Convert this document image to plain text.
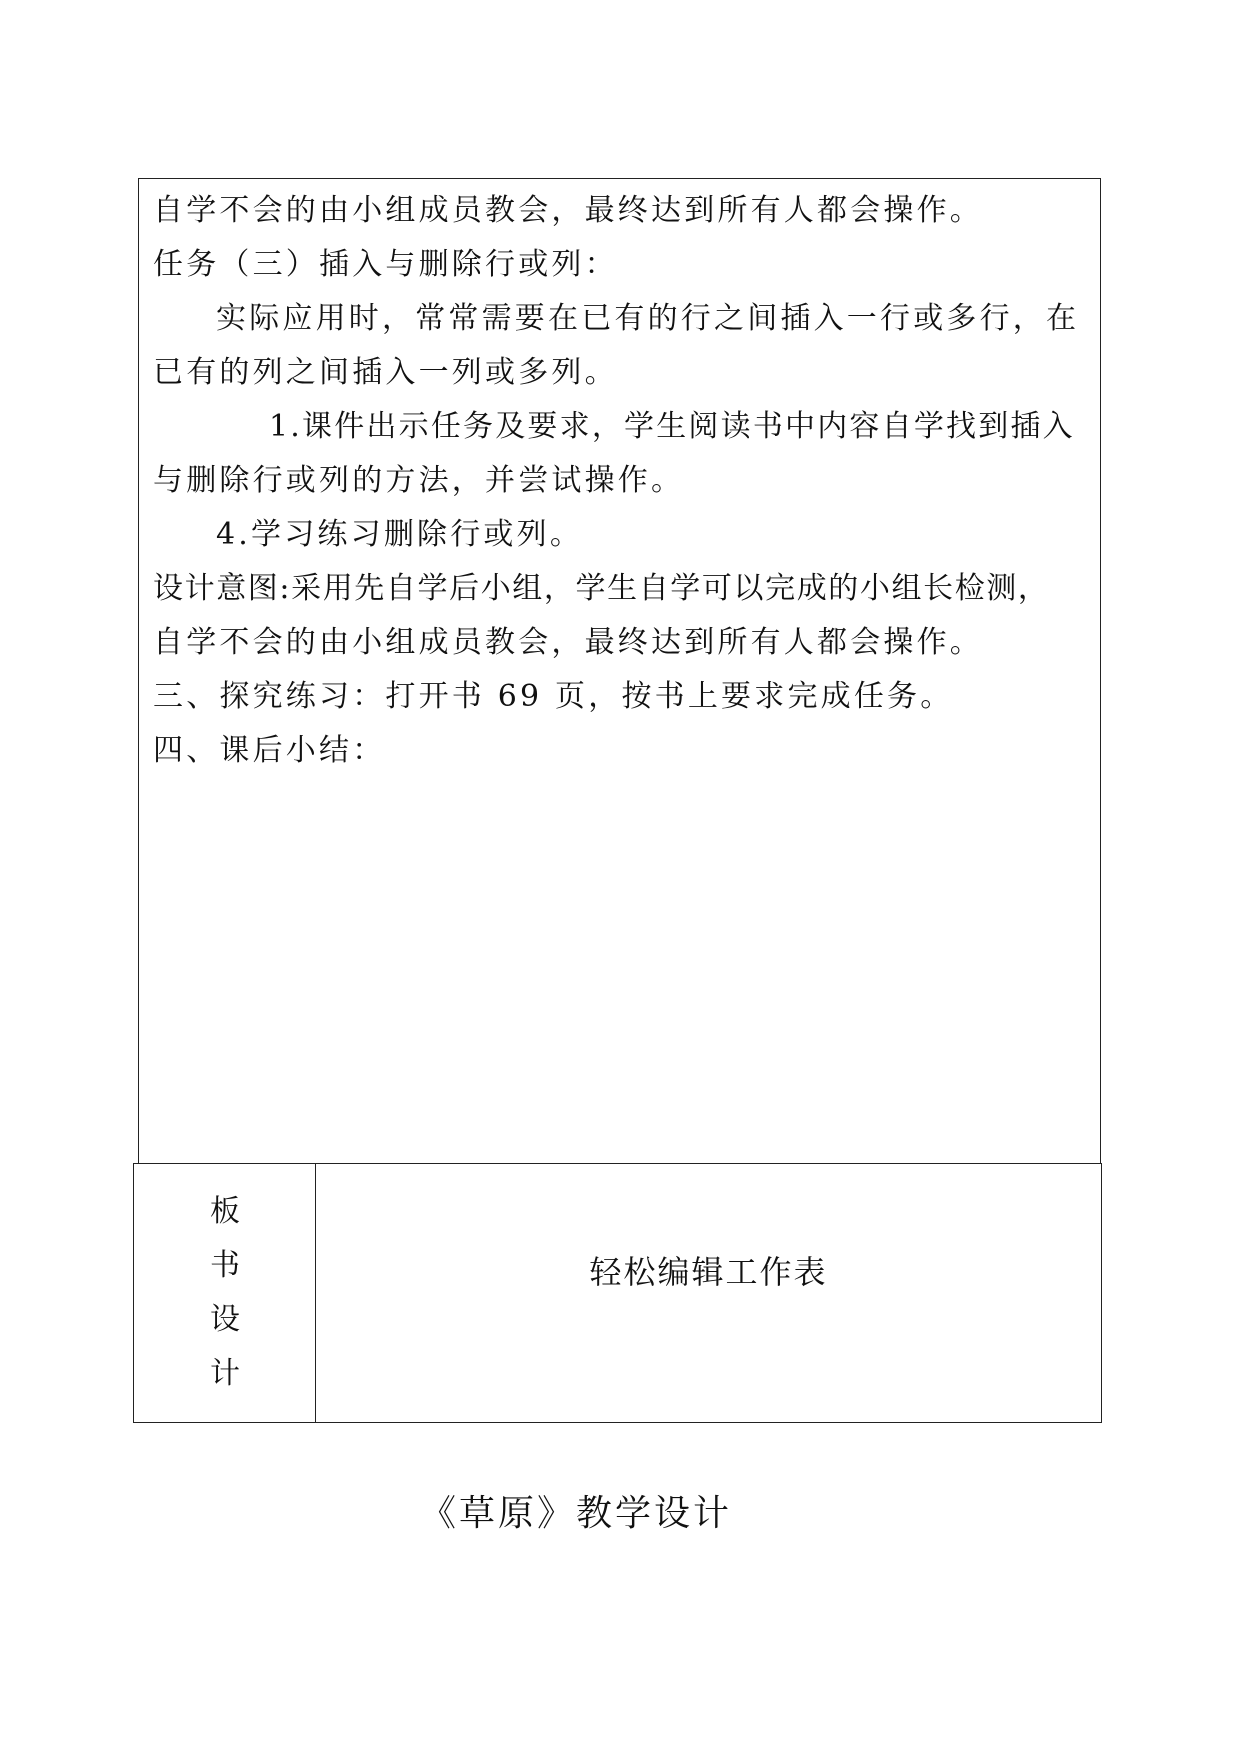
自学不会的由小组成员教会，最终达到所有人都会操作。
任务（三）插入与删除行或列：
实际应用时，常常需要在已有的行之间插入一行或多行，在
已有的列之间插入一列或多列。
1.课件出示任务及要求，学生阅读书中内容自学找到插入
与删除行或列的方法，并尝试操作。
4.学习练习删除行或列。
设计意图:采用先自学后小组，学生自学可以完成的小组长检测，
自学不会的由小组成员教会，最终达到所有人都会操作。
三、探究练习：打开书 69 页，按书上要求完成任务。
四、课后小结：
板
书
设
计
轻松编辑工作表
《草原》教学设计
